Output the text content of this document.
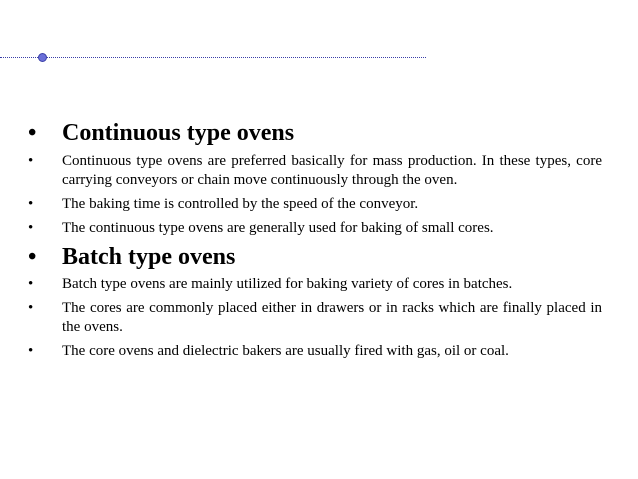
• Continuous type ovens
• Continuous type ovens are preferred basically for mass production. In these types, core carrying conveyors or chain move continuously through the oven.
• The baking time is controlled by the speed of the conveyor.
• The continuous type ovens are generally used for baking of small cores.
• Batch type ovens
• Batch type ovens are mainly utilized for baking variety of cores in batches.
• The cores are commonly placed either in drawers or in racks which are finally placed in the ovens.
• The core ovens and dielectric bakers are usually fired with gas, oil or coal.
